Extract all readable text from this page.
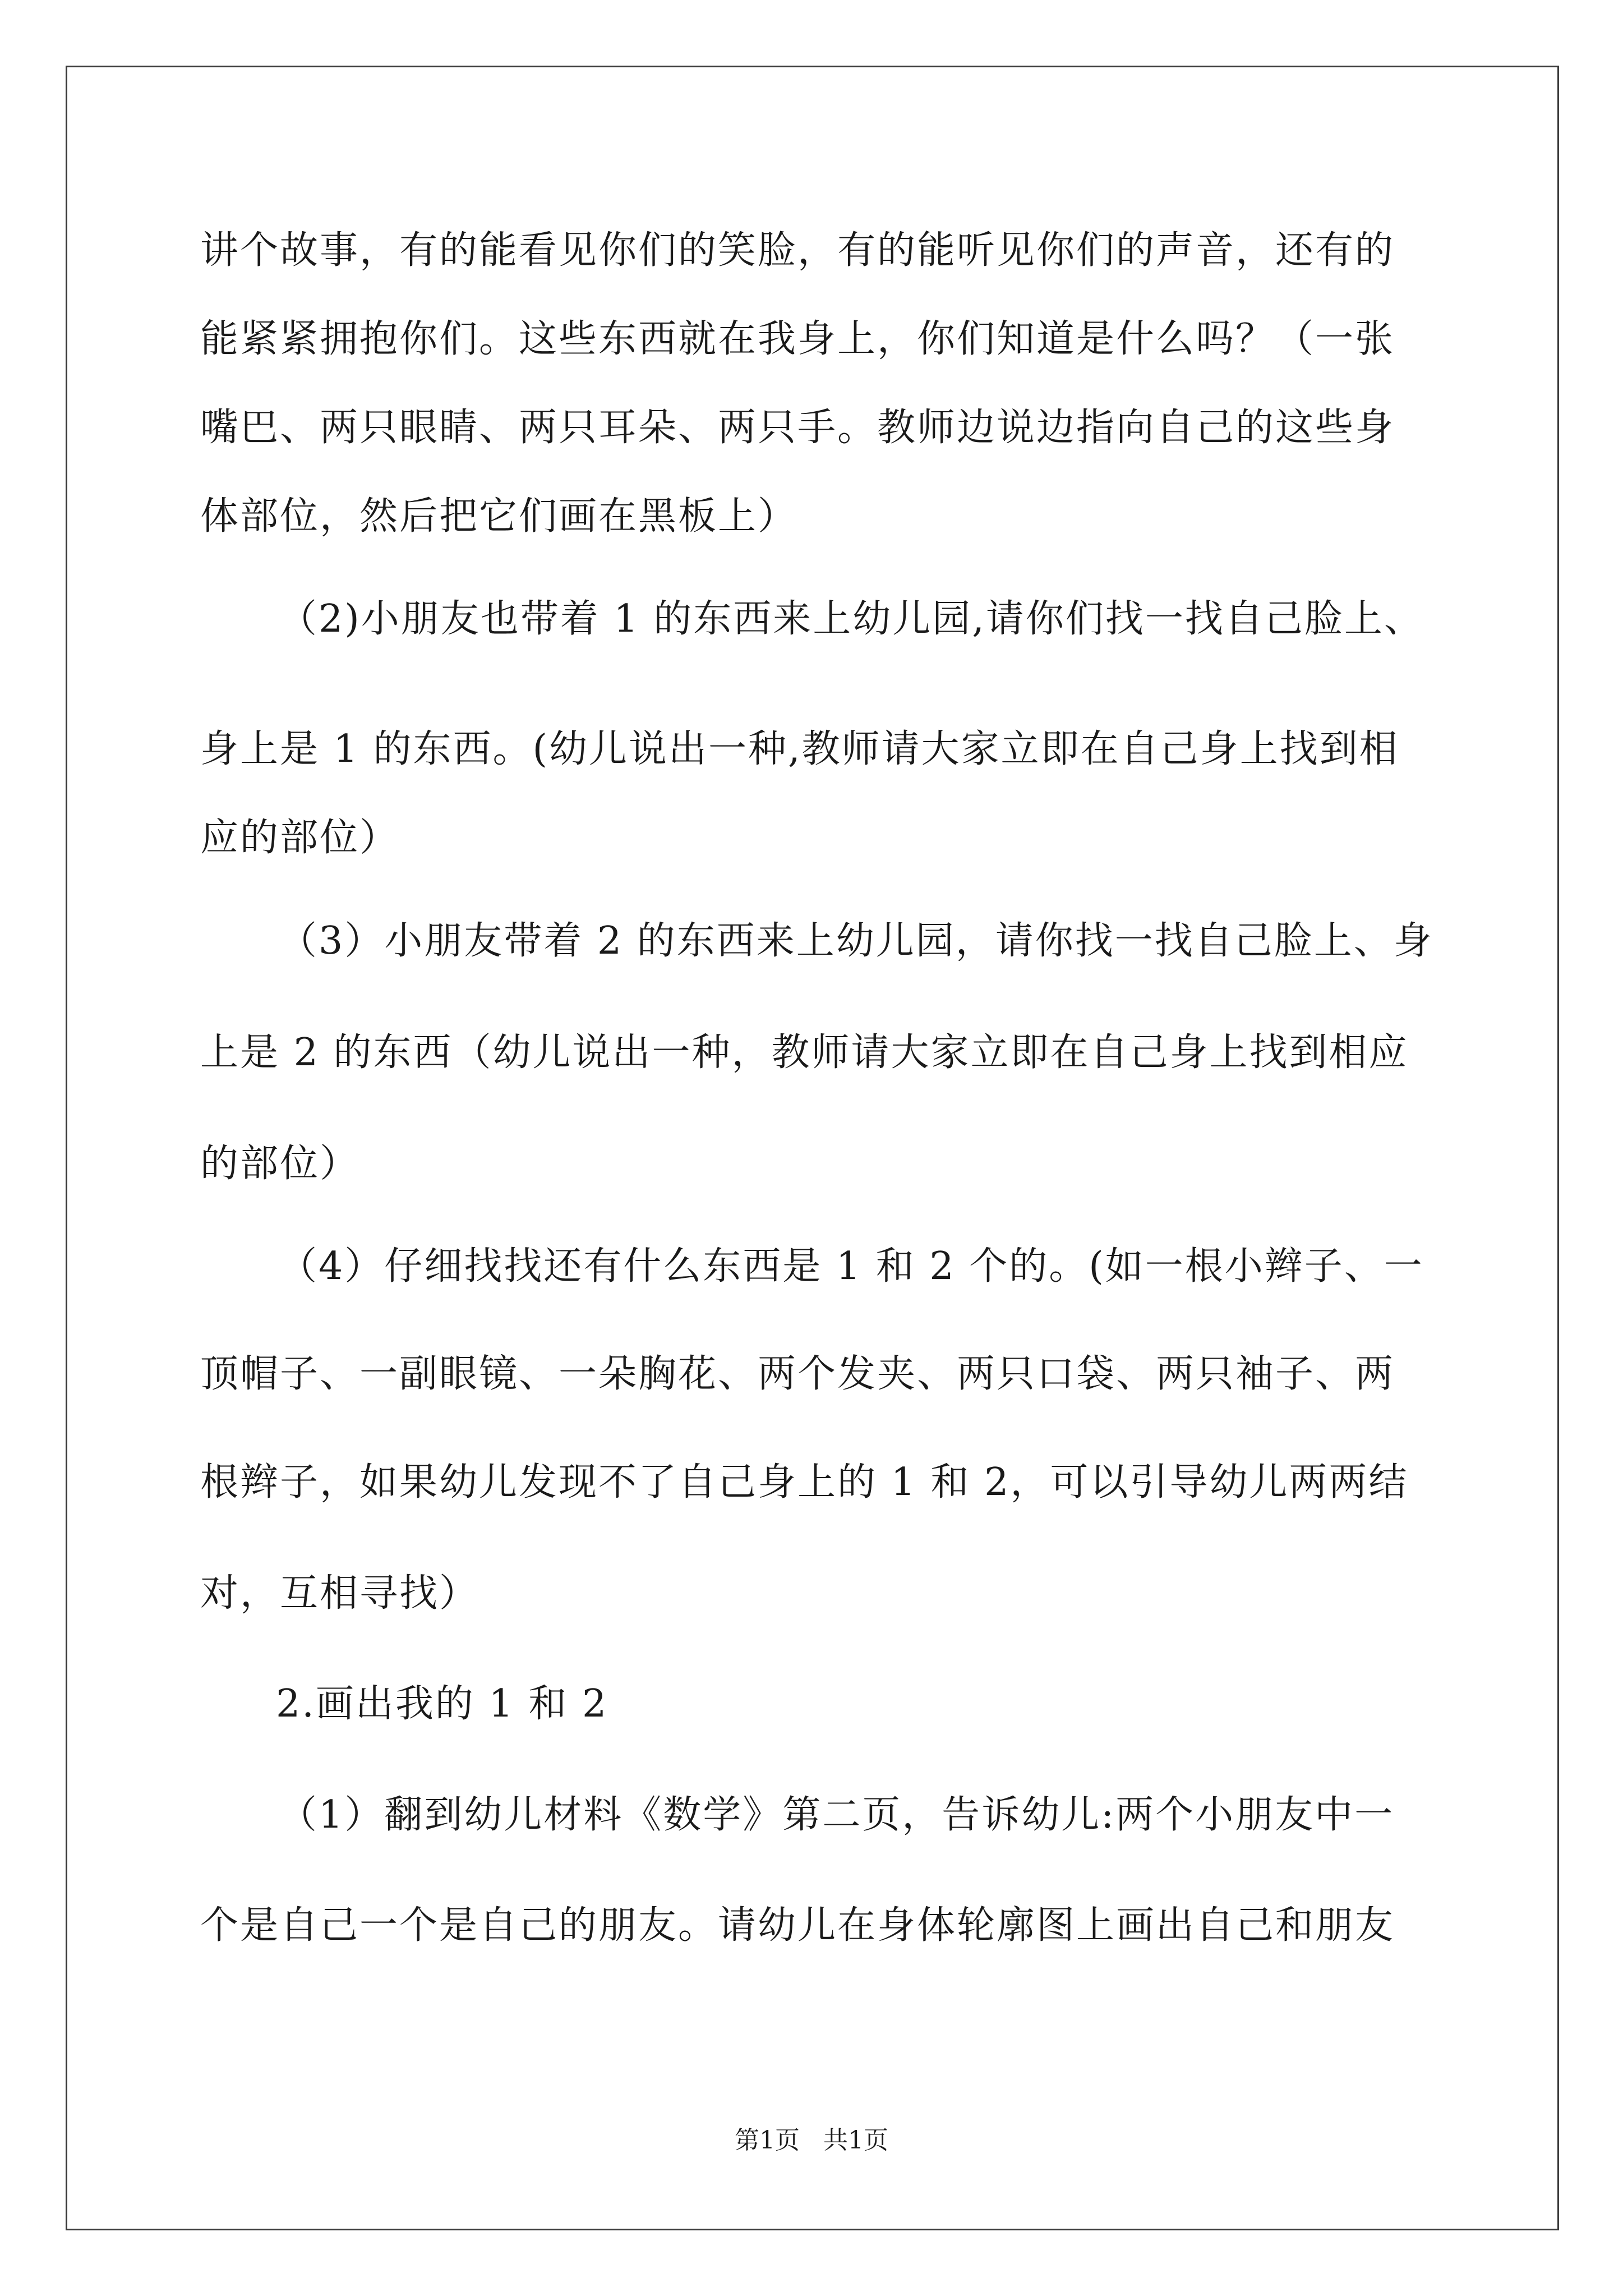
讲个故事，有的能看见你们的笑脸，有的能听见你们的声音，还有的
能紧紧拥抱你们。这些东西就在我身上，你们知道是什么吗？（一张
嘴巴、两只眼睛、两只耳朵、两只手。教师边说边指向自己的这些身
体部位，然后把它们画在黑板上）
（2)小朋友也带着 1 的东西来上幼儿园,请你们找一找自己脸上、
身上是 1 的东西。(幼儿说出一种,教师请大家立即在自己身上找到相
应的部位）
（3）小朋友带着 2 的东西来上幼儿园，请你找一找自己脸上、身
上是 2 的东西（幼儿说出一种，教师请大家立即在自己身上找到相应
的部位）
（4）仔细找找还有什么东西是 1 和 2 个的。(如一根小辫子、一
顶帽子、一副眼镜、一朵胸花、两个发夹、两只口袋、两只袖子、两
根辫子，如果幼儿发现不了自己身上的 1 和 2，可以引导幼儿两两结
对，互相寻找）
2.画出我的 1 和 2
（1）翻到幼儿材料《数学》第二页，告诉幼儿:两个小朋友中一
个是自己一个是自己的朋友。请幼儿在身体轮廓图上画出自己和朋友
第1页   共1页
